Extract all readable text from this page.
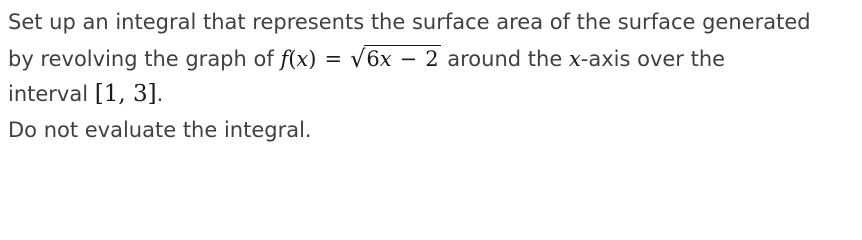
Set up an integral that represents the surface area of the surface generated
by revolving the graph of f(x) = √6x − 2 around the x-axis over the
interval [1, 3].
Do not evaluate the integral.
